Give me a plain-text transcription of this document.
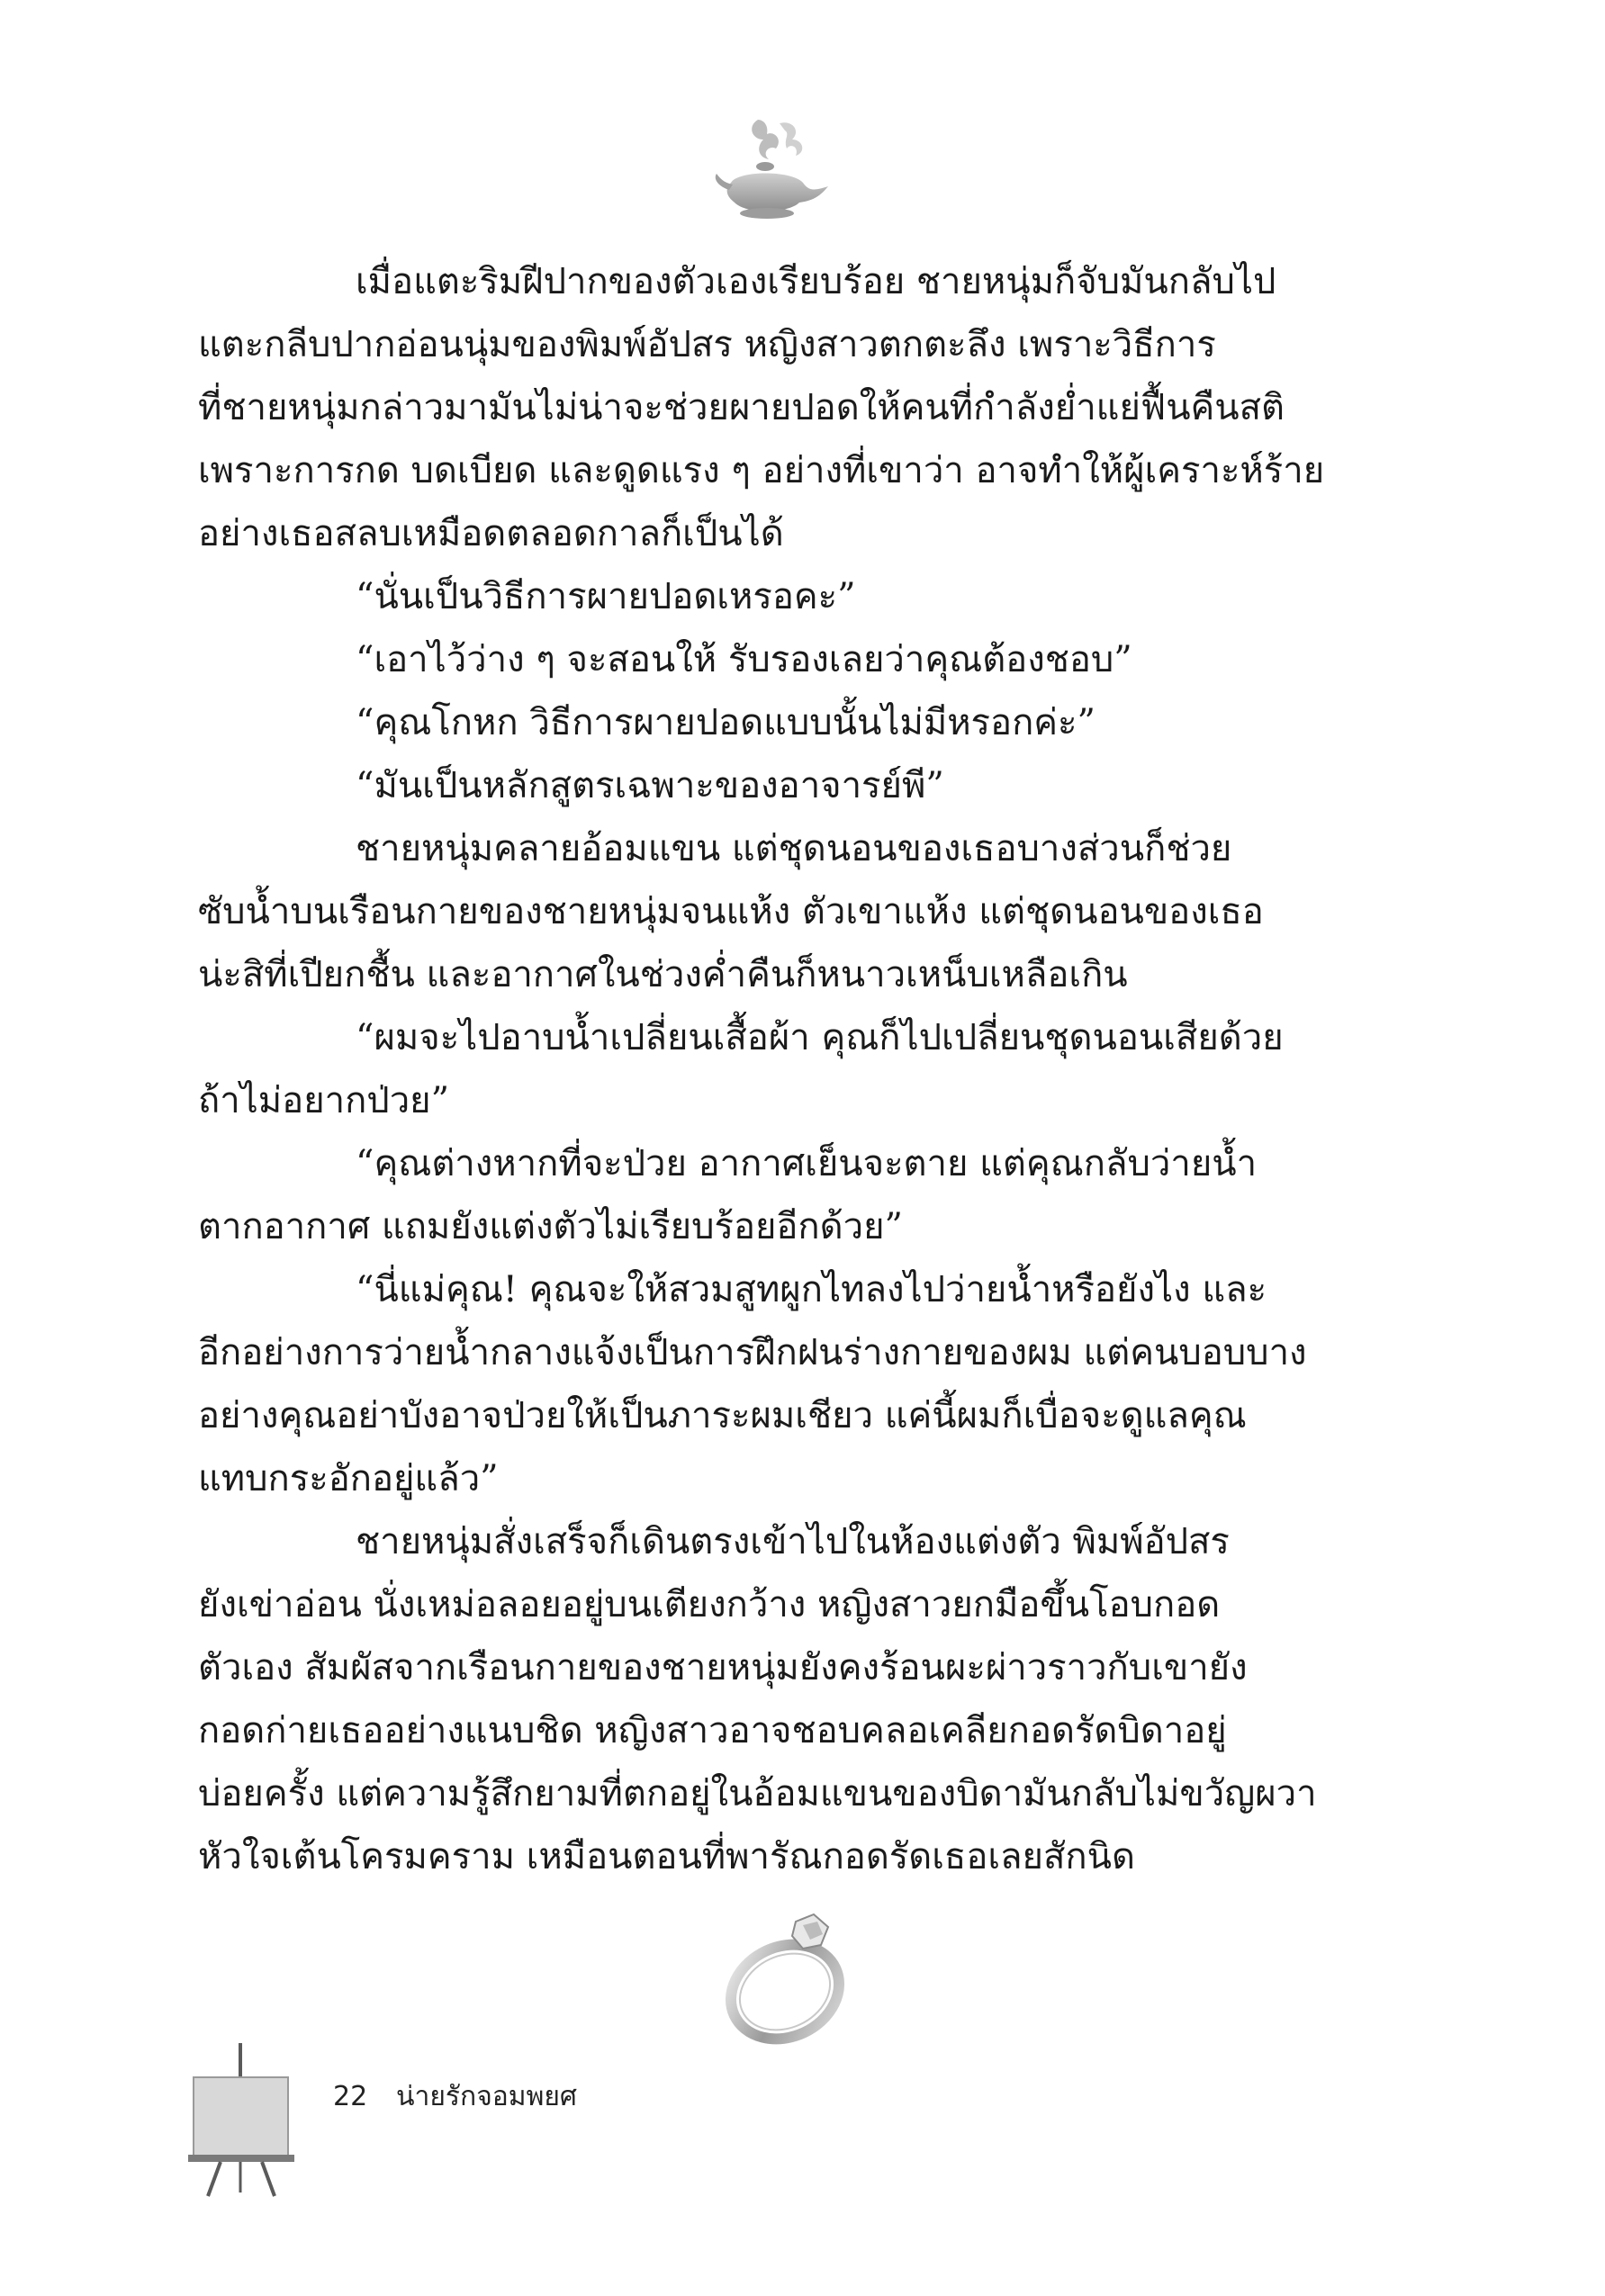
เมื่อแตะริมฝีปากของตัวเองเรียบร้อย ชายหนุ่มก็จับมันกลับไป
แตะกลีบปากอ่อนนุ่มของพิมพ์อัปสร หญิงสาวตกตะลึง เพราะวิธีการ
ที่ชายหนุ่มกล่าวมามันไม่น่าจะช่วยผายปอดให้คนที่กำลังย่ำแย่ฟื้นคืนสติ
เพราะการกด บดเบียด และดูดแรง ๆ อย่างที่เขาว่า อาจทำให้ผู้เคราะห์ร้าย
อย่างเธอสลบเหมือดตลอดกาลก็เป็นได้
“นั่นเป็นวิธีการผายปอดเหรอคะ”
“เอาไว้ว่าง ๆ จะสอนให้ รับรองเลยว่าคุณต้องชอบ”
“คุณโกหก วิธีการผายปอดแบบนั้นไม่มีหรอกค่ะ”
“มันเป็นหลักสูตรเฉพาะของอาจารย์พี”
ชายหนุ่มคลายอ้อมแขน แต่ชุดนอนของเธอบางส่วนก็ช่วย
ซับน้ำบนเรือนกายของชายหนุ่มจนแห้ง ตัวเขาแห้ง แต่ชุดนอนของเธอ
น่ะสิที่เปียกชื้น และอากาศในช่วงค่ำคืนก็หนาวเหน็บเหลือเกิน
“ผมจะไปอาบน้ำเปลี่ยนเสื้อผ้า คุณก็ไปเปลี่ยนชุดนอนเสียด้วย
ถ้าไม่อยากป่วย”
“คุณต่างหากที่จะป่วย อากาศเย็นจะตาย แต่คุณกลับว่ายน้ำ
ตากอากาศ แถมยังแต่งตัวไม่เรียบร้อยอีกด้วย”
“นี่แม่คุณ! คุณจะให้สวมสูทผูกไทลงไปว่ายน้ำหรือยังไง และ
อีกอย่างการว่ายน้ำกลางแจ้งเป็นการฝึกฝนร่างกายของผม แต่คนบอบบาง
อย่างคุณอย่าบังอาจป่วยให้เป็นภาระผมเชียว แค่นี้ผมก็เบื่อจะดูแลคุณ
แทบกระอักอยู่แล้ว”
ชายหนุ่มสั่งเสร็จก็เดินตรงเข้าไปในห้องแต่งตัว พิมพ์อัปสร
ยังเข่าอ่อน นั่งเหม่อลอยอยู่บนเตียงกว้าง หญิงสาวยกมือขึ้นโอบกอด
ตัวเอง สัมผัสจากเรือนกายของชายหนุ่มยังคงร้อนผะผ่าวราวกับเขายัง
กอดก่ายเธออย่างแนบชิด หญิงสาวอาจชอบคลอเคลียกอดรัดบิดาอยู่
บ่อยครั้ง แต่ความรู้สึกยามที่ตกอยู่ในอ้อมแขนของบิดามันกลับไม่ขวัญผวา
หัวใจเต้นโครมคราม เหมือนตอนที่พารัณกอดรัดเธอเลยสักนิด
22 น่ายรักจอมพยศ
